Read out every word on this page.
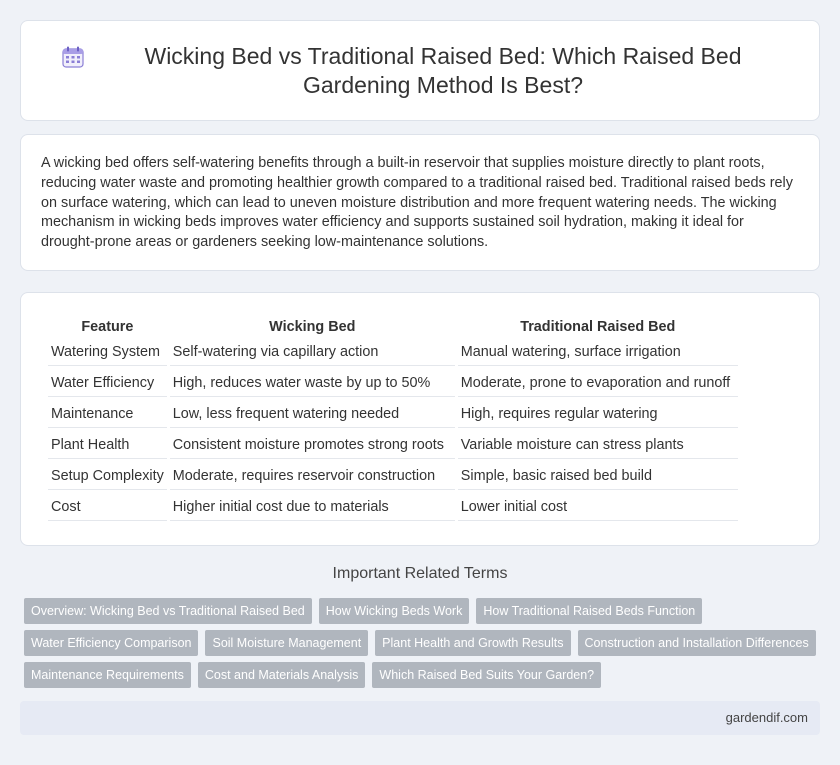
Wicking Bed vs Traditional Raised Bed: Which Raised Bed Gardening Method Is Best?

A wicking bed offers self-watering benefits through a built-in reservoir that supplies moisture directly to plant roots, reducing water waste and promoting healthier growth compared to a traditional raised bed. Traditional raised beds rely on surface watering, which can lead to uneven moisture distribution and more frequent watering needs. The wicking mechanism in wicking beds improves water efficiency and supports sustained soil hydration, making it ideal for drought-prone areas or gardeners seeking low-maintenance solutions.

Feature	Wicking Bed	Traditional Raised Bed
Watering System	Self-watering via capillary action	Manual watering, surface irrigation
Water Efficiency	High, reduces water waste by up to 50%	Moderate, prone to evaporation and runoff
Maintenance	Low, less frequent watering needed	High, requires regular watering
Plant Health	Consistent moisture promotes strong roots	Variable moisture can stress plants
Setup Complexity	Moderate, requires reservoir construction	Simple, basic raised bed build
Cost	Higher initial cost due to materials	Lower initial cost
Important Related Terms
Overview: Wicking Bed vs Traditional Raised Bed	How Wicking Beds Work	How Traditional Raised Beds Function
Water Efficiency Comparison	Soil Moisture Management	Plant Health and Growth Results	Construction and Installation Differences
Maintenance Requirements	Cost and Materials Analysis	Which Raised Bed Suits Your Garden?
gardendif.com
